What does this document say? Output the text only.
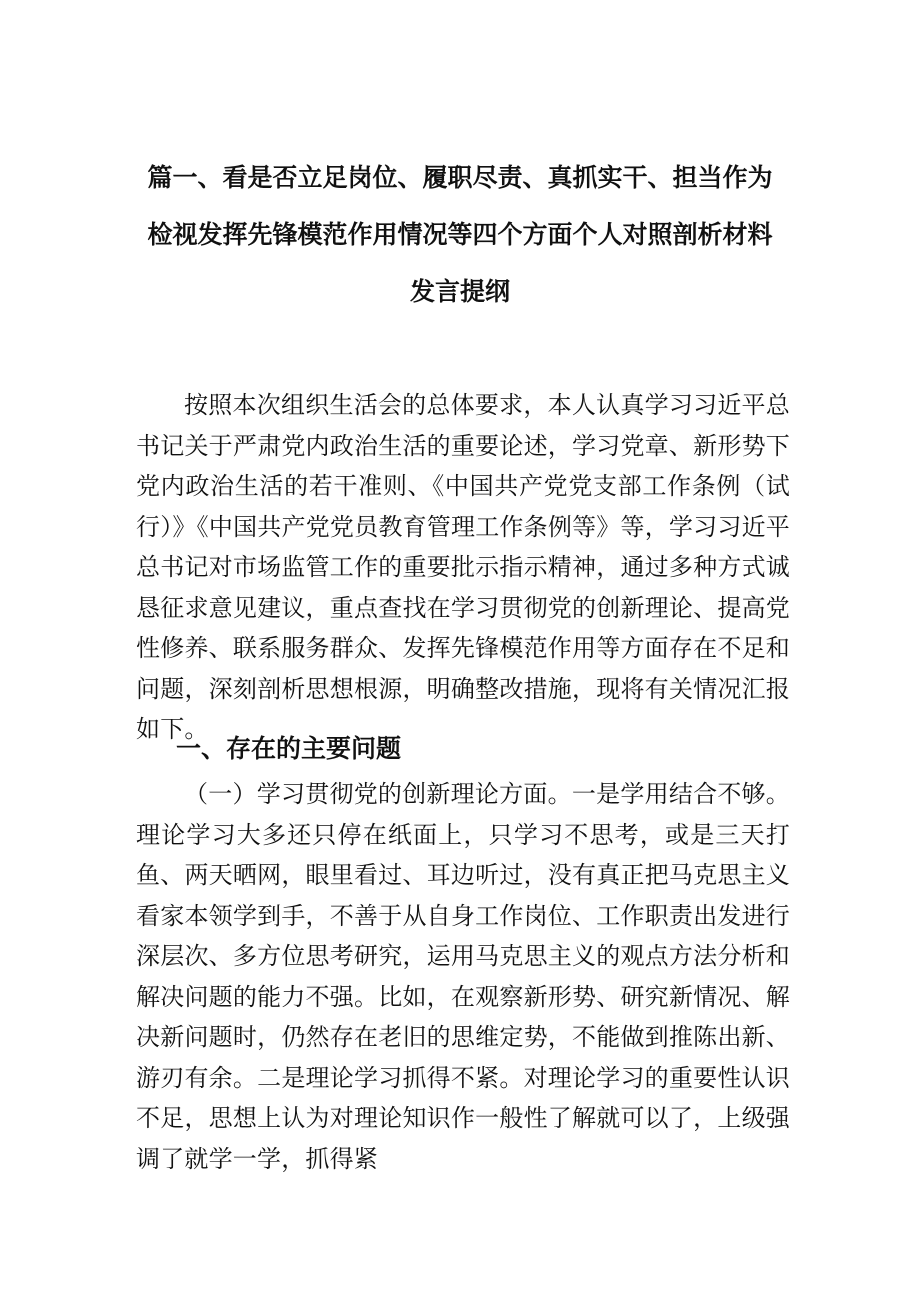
篇一、看是否立足岗位、履职尽责、真抓实干、担当作为
检视发挥先锋模范作用情况等四个方面个人对照剖析材料
发言提纲

按照本次组织生活会的总体要求，本人认真学习习近平总书记关于严肃党内政治生活的重要论述，学习党章、新形势下党内政治生活的若干准则、《中国共产党党支部工作条例（试行）》《中国共产党党员教育管理工作条例等》等，学习习近平总书记对市场监管工作的重要批示指示精神，通过多种方式诚恳征求意见建议，重点查找在学习贯彻党的创新理论、提高党性修养、联系服务群众、发挥先锋模范作用等方面存在不足和问题，深刻剖析思想根源，明确整改措施，现将有关情况汇报如下。

一、存在的主要问题

（一）学习贯彻党的创新理论方面。一是学用结合不够。理论学习大多还只停在纸面上，只学习不思考，或是三天打鱼、两天晒网，眼里看过、耳边听过，没有真正把马克思主义看家本领学到手，不善于从自身工作岗位、工作职责出发进行深层次、多方位思考研究，运用马克思主义的观点方法分析和解决问题的能力不强。比如，在观察新形势、研究新情况、解决新问题时，仍然存在老旧的思维定势，不能做到推陈出新、游刃有余。二是理论学习抓得不紧。对理论学习的重要性认识不足，思想上认为对理论知识作一般性了解就可以了，上级强调了就学一学，抓得紧
